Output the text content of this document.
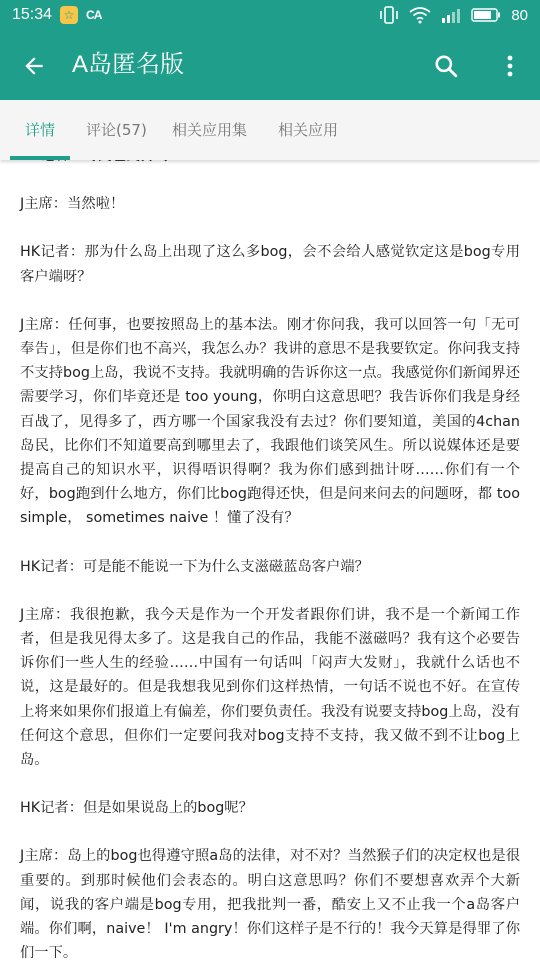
15:34 ☆ CA	80
A岛匿名版
详情 评论(57) 相关应用集 相关应用

J主席：当然啦！

HK记者：那为什么岛上出现了这么多bog，会不会给人感觉钦定这是bog专用客户端呀？

J主席：任何事，也要按照岛上的基本法。刚才你问我，我可以回答一句「无可奉告」，但是你们也不高兴，我怎么办？我讲的意思不是我要钦定。你问我支持不支持bog上岛，我说不支持。我就明确的告诉你这一点。我感觉你们新闻界还需要学习，你们毕竟还是 too young，你明白这意思吧？我告诉你们我是身经百战了，见得多了，西方哪一个国家我没有去过？你们要知道，美国的4chan岛民，比你们不知道要高到哪里去了，我跟他们谈笑风生。所以说媒体还是要提高自己的知识水平，识得唔识得啊？我为你们感到拙计呀……你们有一个好，bog跑到什么地方，你们比bog跑得还快，但是问来问去的问题呀，都 too simple， sometimes naive ！懂了没有？

HK记者：可是能不能说一下为什么支滋磁蓝岛客户端？

J主席：我很抱歉，我今天是作为一个开发者跟你们讲，我不是一个新闻工作者，但是我见得太多了。这是我自己的作品，我能不滋磁吗？我有这个必要告诉你们一些人生的经验……中国有一句话叫「闷声大发财」，我就什么话也不说，这是最好的。但是我想我见到你们这样热情，一句话不说也不好。在宣传上将来如果你们报道上有偏差，你们要负责任。我没有说要支持bog上岛，没有任何这个意思，但你们一定要问我对bog支持不支持，我又做不到不让bog上岛。

HK记者：但是如果说岛上的bog呢？

J主席：岛上的bog也得遵守照a岛的法律，对不对？当然猴子们的决定权也是很重要的。到那时候他们会表态的。明白这意思吗？你们不要想喜欢弄个大新闻，说我的客户端是bog专用，把我批判一番，酷安上又不止我一个a岛客户端。你们啊，naive！ I'm angry！你们这样子是不行的！我今天算是得罪了你们一下。
